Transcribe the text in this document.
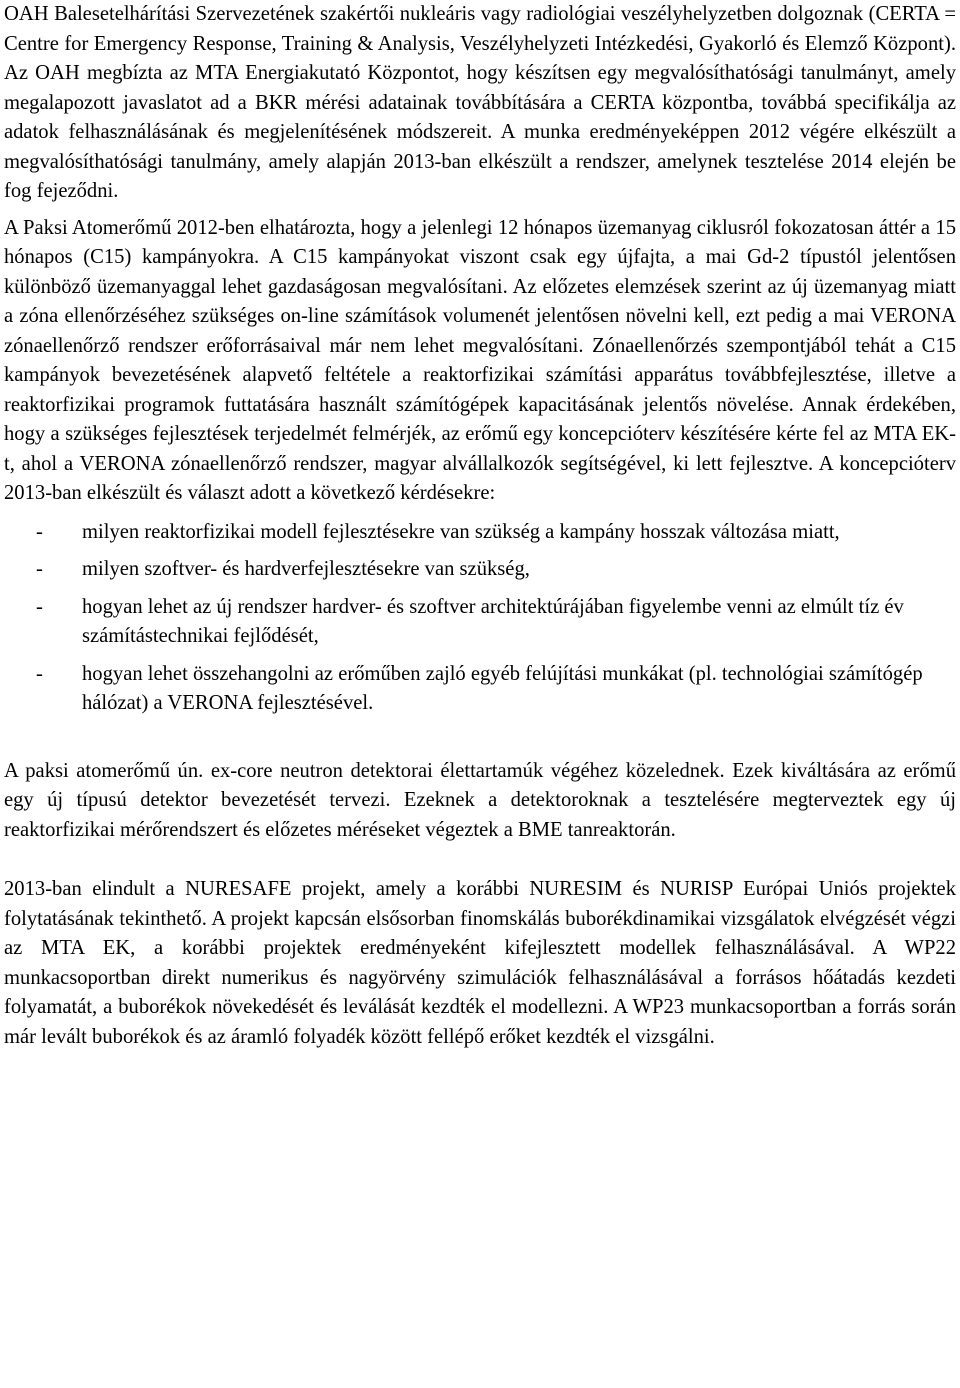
OAH Balesetelhárítási Szervezetének szakértői nukleáris vagy radiológiai veszélyhelyzetben dolgoznak (CERTA = Centre for Emergency Response, Training & Analysis, Veszélyhelyzeti Intézkedési, Gyakorló és Elemző Központ). Az OAH megbízta az MTA Energiakutató Központot, hogy készítsen egy megvalósíthatósági tanulmányt, amely megalapozott javaslatot ad a BKR mérési adatainak továbbítására a CERTA központba, továbbá specifikálja az adatok felhasználásának és megjelenítésének módszereit. A munka eredményeképpen 2012 végére elkészült a megvalósíthatósági tanulmány, amely alapján 2013-ban elkészült a rendszer, amelynek tesztelése 2014 elején be fog fejeződni.

A Paksi Atomerőmű 2012-ben elhatározta, hogy a jelenlegi 12 hónapos üzemanyag ciklusról fokozatosan áttér a 15 hónapos (C15) kampányokra. A C15 kampányokat viszont csak egy újfajta, a mai Gd-2 típustól jelentősen különböző üzemanyaggal lehet gazdaságosan megvalósítani. Az előzetes elemzések szerint az új üzemanyag miatt a zóna ellenőrzéséhez szükséges on-line számítások volumenét jelentősen növelni kell, ezt pedig a mai VERONA zónaellenőrző rendszer erőforrásaival már nem lehet megvalósítani. Zónaellenőrzés szempontjából tehát a C15 kampányok bevezetésének alapvető feltétele a reaktorfizikai számítási apparátus továbbfejlesztése, illetve a reaktorfizikai programok futtatására használt számítógépek kapacitásának jelentős növelése. Annak érdekében, hogy a szükséges fejlesztések terjedelmét felmérjék, az erőmű egy koncepcióterv készítésére kérte fel az MTA EK-t, ahol a VERONA zónaellenőrző rendszer, magyar alvállalkozók segítségével, ki lett fejlesztve. A koncepcióterv 2013-ban elkészült és választ adott a következő kérdésekre:

- milyen reaktorfizikai modell fejlesztésekre van szükség a kampány hosszak változása miatt,
- milyen szoftver- és hardverfejlesztésekre van szükség,
- hogyan lehet az új rendszer hardver- és szoftver architektúrájában figyelembe venni az elmúlt tíz év számítástechnikai fejlődését,
- hogyan lehet összehangolni az erőműben zajló egyéb felújítási munkákat (pl. technológiai számítógép hálózat) a VERONA fejlesztésével.

A paksi atomerőmű ún. ex-core neutron detektorai élettartamúk végéhez közelednek. Ezek kiváltására az erőmű egy új típusú detektor bevezetését tervezi. Ezeknek a detektoroknak a tesztelésére megterveztek egy új reaktorfizikai mérőrendszert és előzetes méréseket végeztek a BME tanreaktorán.

2013-ban elindult a NURESAFE projekt, amely a korábbi NURESIM és NURISP Európai Uniós projektek folytatásának tekinthető. A projekt kapcsán elsősorban finomskálás buborékdinamikai vizsgálatok elvégzését végzi az MTA EK, a korábbi projektek eredményeként kifejlesztett modellek felhasználásával. A WP22 munkacsoportban direkt numerikus és nagyörvény szimulációk felhasználásával a forrásos hőátadás kezdeti folyamatát, a buborékok növekedését és leválását kezdték el modellezni. A WP23 munkacsoportban a forrás során már levált buborékok és az áramló folyadék között fellépő erőket kezdték el vizsgálni.
